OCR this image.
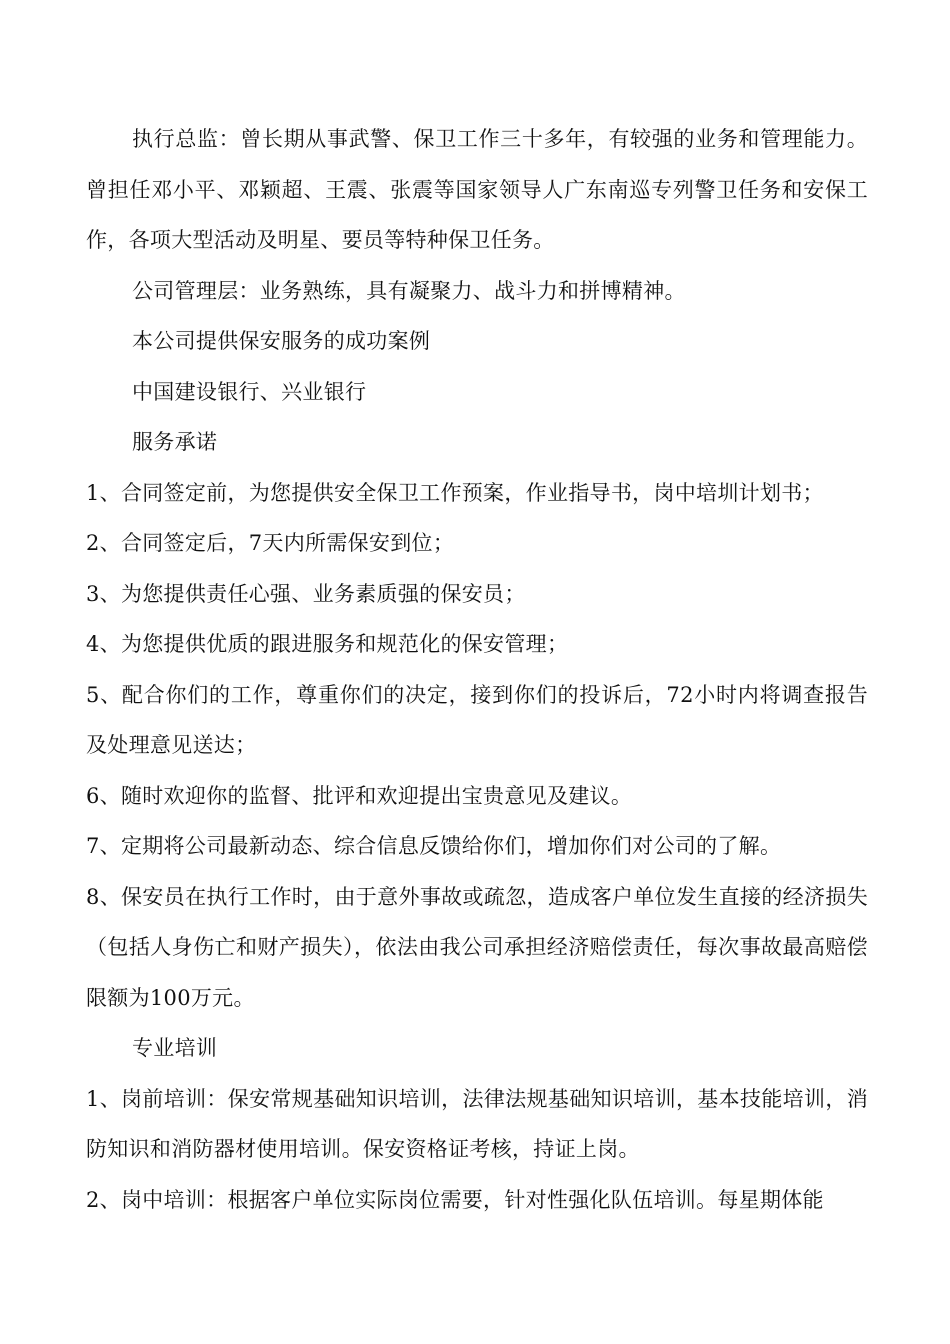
执行总监：曾长期从事武警、保卫工作三十多年，有较强的业务和管理能力。曾担任邓小平、邓颖超、王震、张震等国家领导人广东南巡专列警卫任务和安保工作，各项大型活动及明星、要员等特种保卫任务。

公司管理层：业务熟练，具有凝聚力、战斗力和拼博精神。

本公司提供保安服务的成功案例

中国建设银行、兴业银行

服务承诺

1、合同签定前，为您提供安全保卫工作预案，作业指导书，岗中培圳计划书；

2、合同签定后，7天内所需保安到位；

3、为您提供责任心强、业务素质强的保安员；

4、为您提供优质的跟进服务和规范化的保安管理；

5、配合你们的工作，尊重你们的决定，接到你们的投诉后，72小时内将调查报告及处理意见送达；

6、随时欢迎你的监督、批评和欢迎提出宝贵意见及建议。

7、定期将公司最新动态、综合信息反馈给你们，增加你们对公司的了解。

8、保安员在执行工作时，由于意外事故或疏忽，造成客户单位发生直接的经济损失（包括人身伤亡和财产损失），依法由我公司承担经济赔偿责任，每次事故最高赔偿限额为100万元。

专业培训

1、岗前培训：保安常规基础知识培训，法律法规基础知识培训，基本技能培训，消防知识和消防器材使用培训。保安资格证考核，持证上岗。

2、岗中培训：根据客户单位实际岗位需要，针对性强化队伍培训。每星期体能
